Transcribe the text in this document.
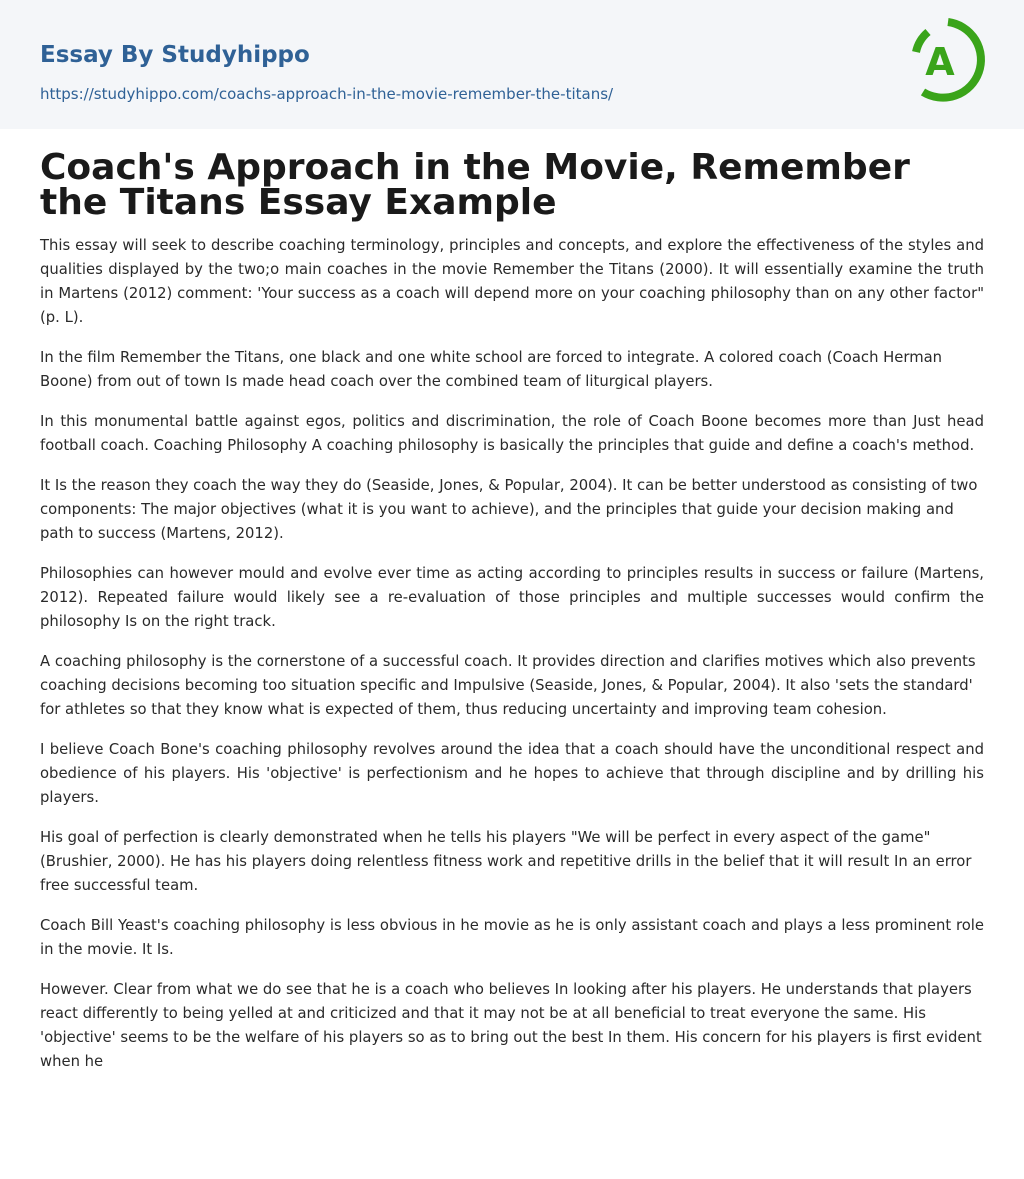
Essay By Studyhippo
https://studyhippo.com/coachs-approach-in-the-movie-remember-the-titans/
A
Coach's Approach in the Movie, Remember the Titans Essay Example

This essay will seek to describe coaching terminology, principles and concepts, and explore the effectiveness of the styles and qualities displayed by the two;o main coaches in the movie Remember the Titans (2000). It will essentially examine the truth in Martens (2012) comment: 'Your success as a coach will depend more on your coaching philosophy than on any other factor" (p. L).

In the film Remember the Titans, one black and one white school are forced to integrate. A colored coach (Coach Herman Boone) from out of town Is made head coach over the combined team of liturgical players.

In this monumental battle against egos, politics and discrimination, the role of Coach Boone becomes more than Just head football coach. Coaching Philosophy A coaching philosophy is basically the principles that guide and define a coach's method.

It Is the reason they coach the way they do (Seaside, Jones, & Popular, 2004). It can be better understood as consisting of two components: The major objectives (what it is you want to achieve), and the principles that guide your decision making and path to success (Martens, 2012).

Philosophies can however mould and evolve ever time as acting according to principles results in success or failure (Martens, 2012). Repeated failure would likely see a re-evaluation of those principles and multiple successes would confirm the philosophy Is on the right track.

A coaching philosophy is the cornerstone of a successful coach. It provides direction and clarifies motives which also prevents coaching decisions becoming too situation specific and Impulsive (Seaside, Jones, & Popular, 2004). It also 'sets the standard' for athletes so that they know what is expected of them, thus reducing uncertainty and improving team cohesion.

I believe Coach Bone's coaching philosophy revolves around the idea that a coach should have the unconditional respect and obedience of his players. His 'objective' is perfectionism and he hopes to achieve that through discipline and by drilling his players.

His goal of perfection is clearly demonstrated when he tells his players "We will be perfect in every aspect of the game" (Brushier, 2000). He has his players doing relentless fitness work and repetitive drills in the belief that it will result In an error free successful team.

Coach Bill Yeast's coaching philosophy is less obvious in he movie as he is only assistant coach and plays a less prominent role in the movie. It Is.

However. Clear from what we do see that he is a coach who believes In looking after his players. He understands that players react differently to being yelled at and criticized and that it may not be at all beneficial to treat everyone the same. His 'objective' seems to be the welfare of his players so as to bring out the best In them. His concern for his players is first evident when he
